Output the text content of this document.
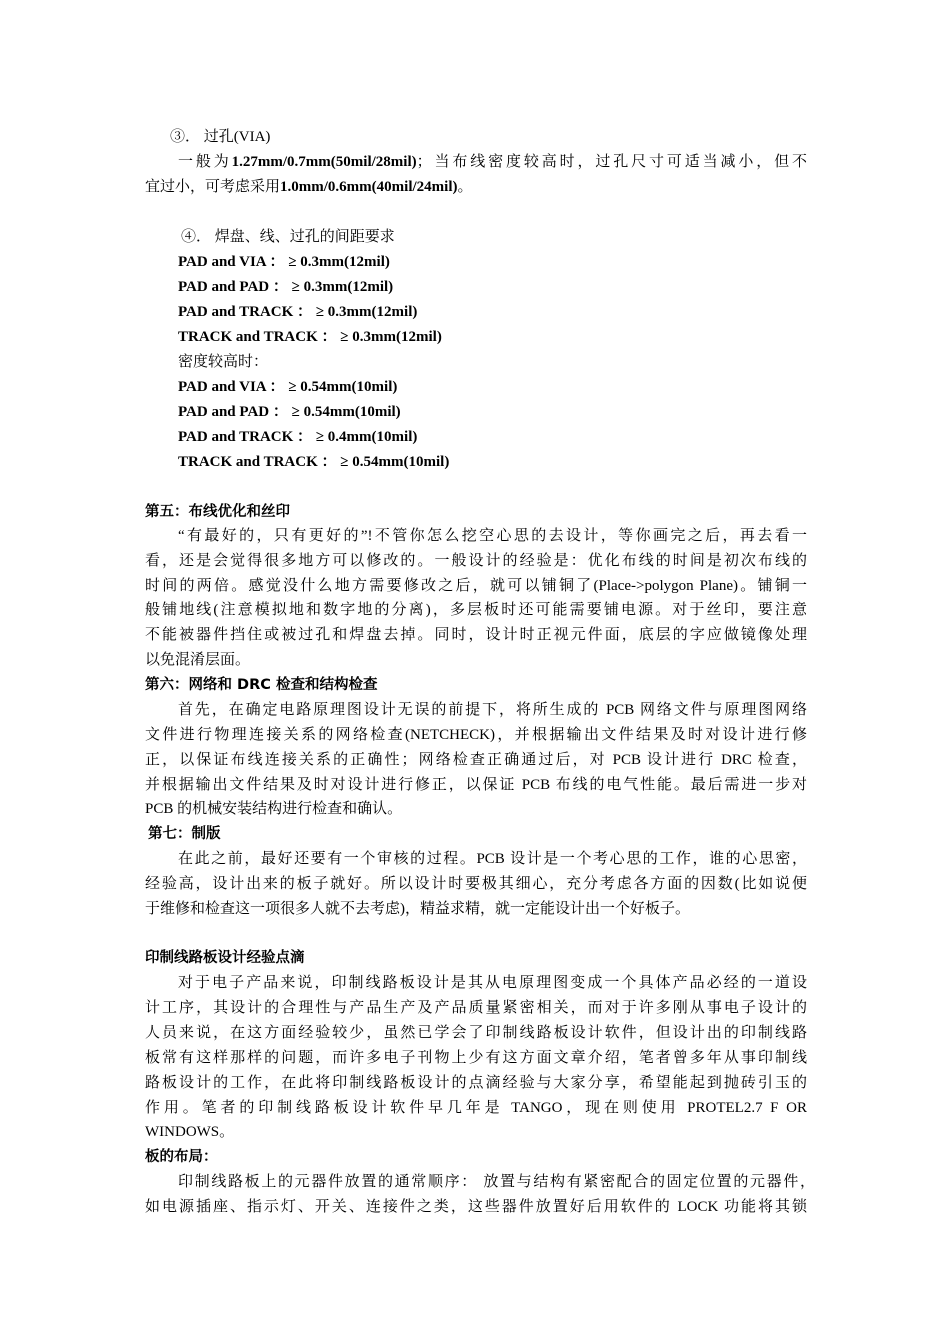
③． 过孔(VIA)
一般为1.27mm/0.7mm(50mil/28mil)；当布线密度较高时，过孔尺寸可适当减小，但不
宜过小，可考虑采用1.0mm/0.6mm(40mil/24mil)。
④． 焊盘、线、过孔的间距要求
PAD and VIA ： ≥ 0.3mm(12mil)
PAD and PAD ： ≥ 0.3mm(12mil)
PAD and TRACK ： ≥ 0.3mm(12mil)
TRACK and TRACK ： ≥ 0.3mm(12mil)
密度较高时：
PAD and VIA ： ≥ 0.54mm(10mil)
PAD and PAD ： ≥ 0.54mm(10mil)
PAD and TRACK ： ≥ 0.4mm(10mil)
TRACK and TRACK ： ≥ 0.54mm(10mil)
第五：布线优化和丝印
“有最好的，只有更好的”!不管你怎么挖空心思的去设计，等你画完之后，再去看一
看，还是会觉得很多地方可以修改的。一般设计的经验是：优化布线的时间是初次布线的
时间的两倍。感觉没什么地方需要修改之后，就可以铺铜了(Place->polygon Plane)。铺铜一
般铺地线(注意模拟地和数字地的分离)，多层板时还可能需要铺电源。对于丝印，要注意
不能被器件挡住或被过孔和焊盘去掉。同时，设计时正视元件面，底层的字应做镜像处理
以免混淆层面。
第六：网络和 DRC 检查和结构检查
首先，在确定电路原理图设计无误的前提下，将所生成的 PCB 网络文件与原理图网络
文件进行物理连接关系的网络检查(NETCHECK)，并根据输出文件结果及时对设计进行修
正，以保证布线连接关系的正确性；网络检查正确通过后，对 PCB 设计进行 DRC 检查，
并根据输出文件结果及时对设计进行修正，以保证 PCB 布线的电气性能。最后需进一步对
PCB 的机械安装结构进行检查和确认。
第七：制版
在此之前，最好还要有一个审核的过程。PCB 设计是一个考心思的工作，谁的心思密，
经验高，设计出来的板子就好。所以设计时要极其细心，充分考虑各方面的因数(比如说便
于维修和检查这一项很多人就不去考虑)，精益求精，就一定能设计出一个好板子。
印制线路板设计经验点滴
对于电子产品来说，印制线路板设计是其从电原理图变成一个具体产品必经的一道设
计工序，其设计的合理性与产品生产及产品质量紧密相关，而对于许多刚从事电子设计的
人员来说，在这方面经验较少，虽然已学会了印制线路板设计软件，但设计出的印制线路
板常有这样那样的问题，而许多电子刊物上少有这方面文章介绍，笔者曾多年从事印制线
路板设计的工作，在此将印制线路板设计的点滴经验与大家分享，希望能起到抛砖引玉的
作用。笔者的印制线路板设计软件早几年是 TANGO，现在则使用 PROTEL2.7 F OR
WINDOWS。
板的布局：
印制线路板上的元器件放置的通常顺序： 放置与结构有紧密配合的固定位置的元器件，
如电源插座、指示灯、开关、连接件之类，这些器件放置好后用软件的 LOCK 功能将其锁
